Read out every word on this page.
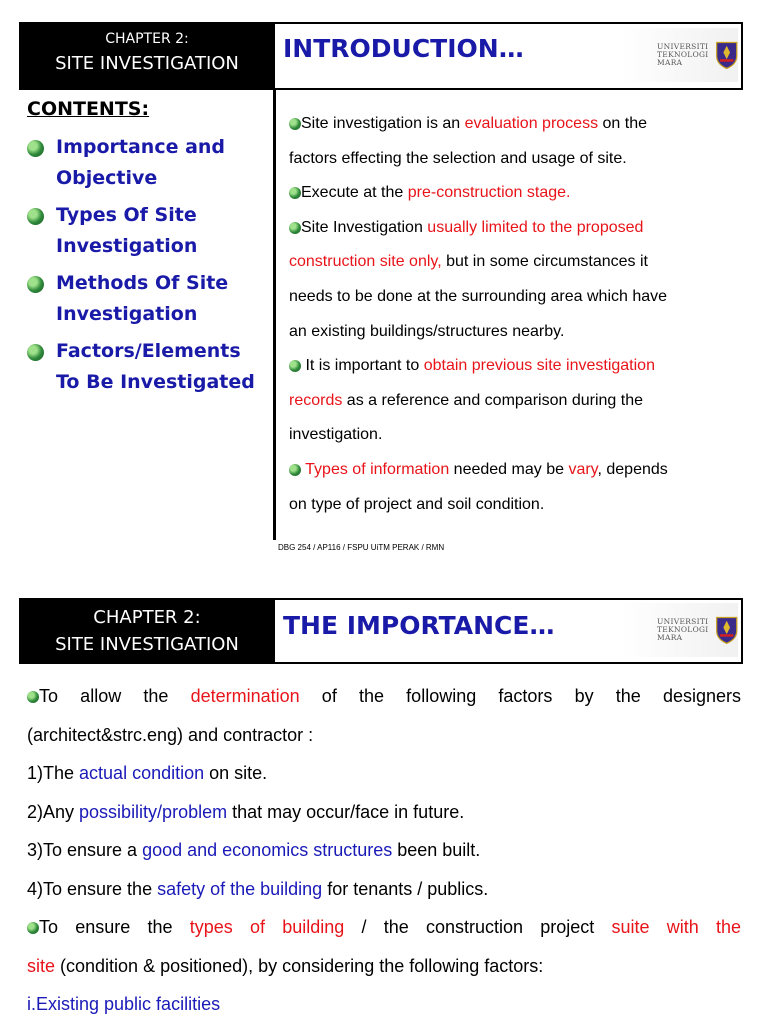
CHAPTER 2:
SITE INVESTIGATION
INTRODUCTION…	UNIVERSITI
TEKNOLOGI
MARA
CONTENTS:
Importance and
Objective
Types Of Site
Investigation
Methods Of Site
Investigation
Factors/Elements
To Be Investigated
Site investigation is an evaluation process on the
factors effecting the selection and usage of site.
Execute at the pre-construction stage.
Site Investigation usually limited to the proposed
construction site only, but in some circumstances it
needs to be done at the surrounding area which have
an existing buildings/structures nearby.
It is important to obtain previous site investigation
records as a reference and comparison during the
investigation.
Types of information needed may be vary, depends
on type of project and soil condition.
DBG 254 / AP116 / FSPU UiTM PERAK / RMN
CHAPTER 2:
SITE INVESTIGATION
THE IMPORTANCE…	UNIVERSITI
TEKNOLOGI
MARA
To allow the determination of the following factors by the designers
(architect&strc.eng) and contractor :
1)The actual condition on site.
2)Any possibility/problem that may occur/face in future.
3)To ensure a good and economics structures been built.
4)To ensure the safety of the building for tenants / publics.
To ensure the types of building / the construction project suite with the
site (condition & positioned), by considering the following factors:
i.Existing public facilities
